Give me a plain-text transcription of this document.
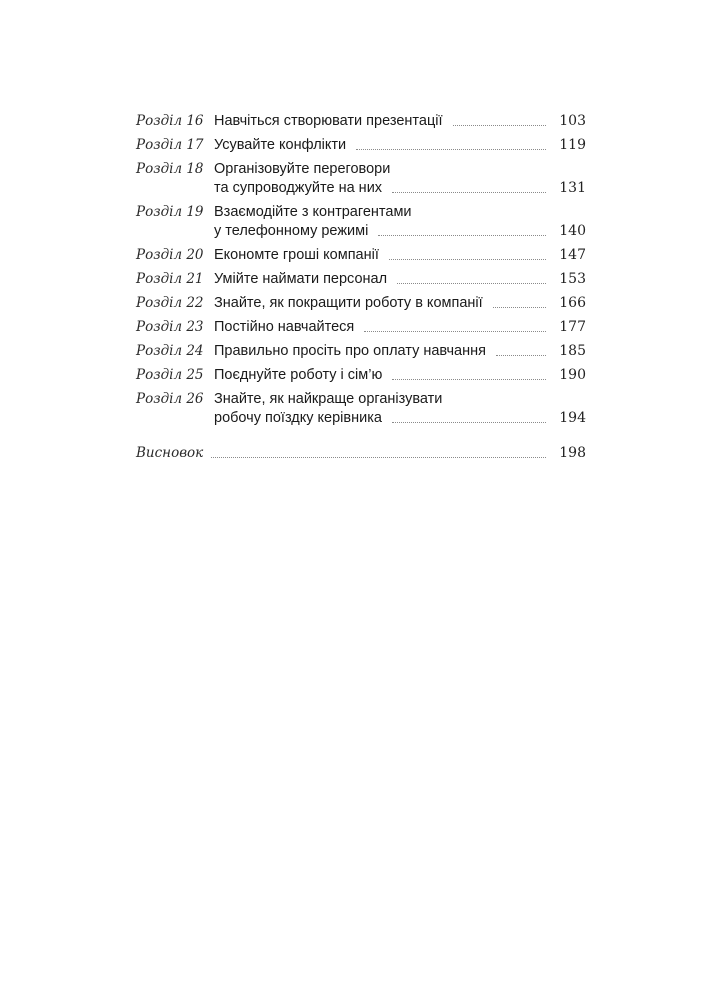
Розділ 16 Навчіться створювати презентації	103
Розділ 17 Усувайте конфлікти	119
Розділ 18 Організовуйте переговори
та супроводжуйте на них	131
Розділ 19 Взаємодійте з контрагентами
у телефонному режимі	140
Розділ 20 Економте гроші компанії	147
Розділ 21 Умійте наймати персонал	153
Розділ 22 Знайте, як покращити роботу в компанії	166
Розділ 23 Постійно навчайтеся	177
Розділ 24 Правильно просіть про оплату навчання	185
Розділ 25 Поєднуйте роботу і сім’ю	190
Розділ 26 Знайте, як найкраще організувати
робочу поїздку керівника	194
Висновок	198
